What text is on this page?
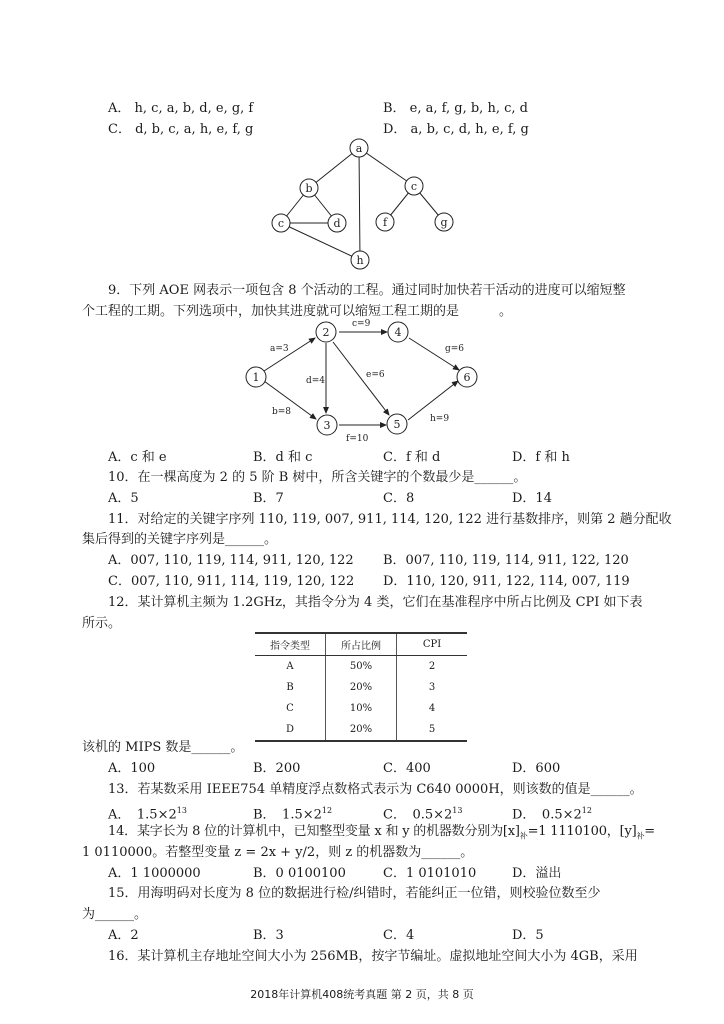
A． h, c, a, b, d, e, g, f	B． e, a, f, g, b, h, c, d
C． d, b, c, a, h, e, f, g	D． a, b, c, d, h, e, f, g
a
b
c	d
c
f	g
h
1
2
3
4
5
6
a=3
b=8
c=9
d=4
e=6
f=10
g=6
h=9
9．下列 AOE 网表示一项包含 8 个活动的工程。通过同时加快若干活动的进度可以缩短整
个工程的工期。下列选项中，加快其进度就可以缩短工程工期的是	。
A．c 和 e	B．d 和 c	C．f 和 d	D．f 和 h
10．在一棵高度为 2 的 5 阶 B 树中，所含关键字的个数最少是______。
A．5	B．7	C．8	D．14
11．对给定的关键字序列 110, 119, 007, 911, 114, 120, 122 进行基数排序，则第 2 趟分配收
集后得到的关键字序列是______。
A．007, 110, 119, 114, 911, 120, 122 B．007, 110, 119, 114, 911, 122, 120
C．007, 110, 911, 114, 119, 120, 122 D．110, 120, 911, 122, 114, 007, 119
12．某计算机主频为 1.2GHz，其指令分为 4 类，它们在基准程序中所占比例及 CPI 如下表
所示。
指令类型	所占比例	CPI
A	50%	2
B	20%	3
C	10%	4
D	20%	5
该机的 MIPS 数是______。
A．100	B．200	C．400	D．600
13．若某数采用 IEEE754 单精度浮点数格式表示为 C640 0000H，则该数的值是______。
A．　$1.5\times 2^{13}$	B．　$1.5\times 2^{12}$	C．　$0.5\times 2^{13}$	D．　$0.5\times 2^{12}$
14．某字长为 8 位的计算机中，已知整型变量 x 和 y 的机器数分别为$[x]_补=1$ 1110100，$[y]_补=$
1 0110000。若整型变量 z = 2x + y/2，则 z 的机器数为______。
A．1 1000000	B．0 0100100	C．1 0101010	D．溢出
15．用海明码对长度为 8 位的数据进行检/纠错时，若能纠正一位错，则校验位数至少
为______。
A．2	B．3	C．4	D．5
16．某计算机主存地址空间大小为 256MB，按字节编址。虚拟地址空间大小为 4GB，采用
2018年计算机408统考真题 第 2 页，共 8 页
